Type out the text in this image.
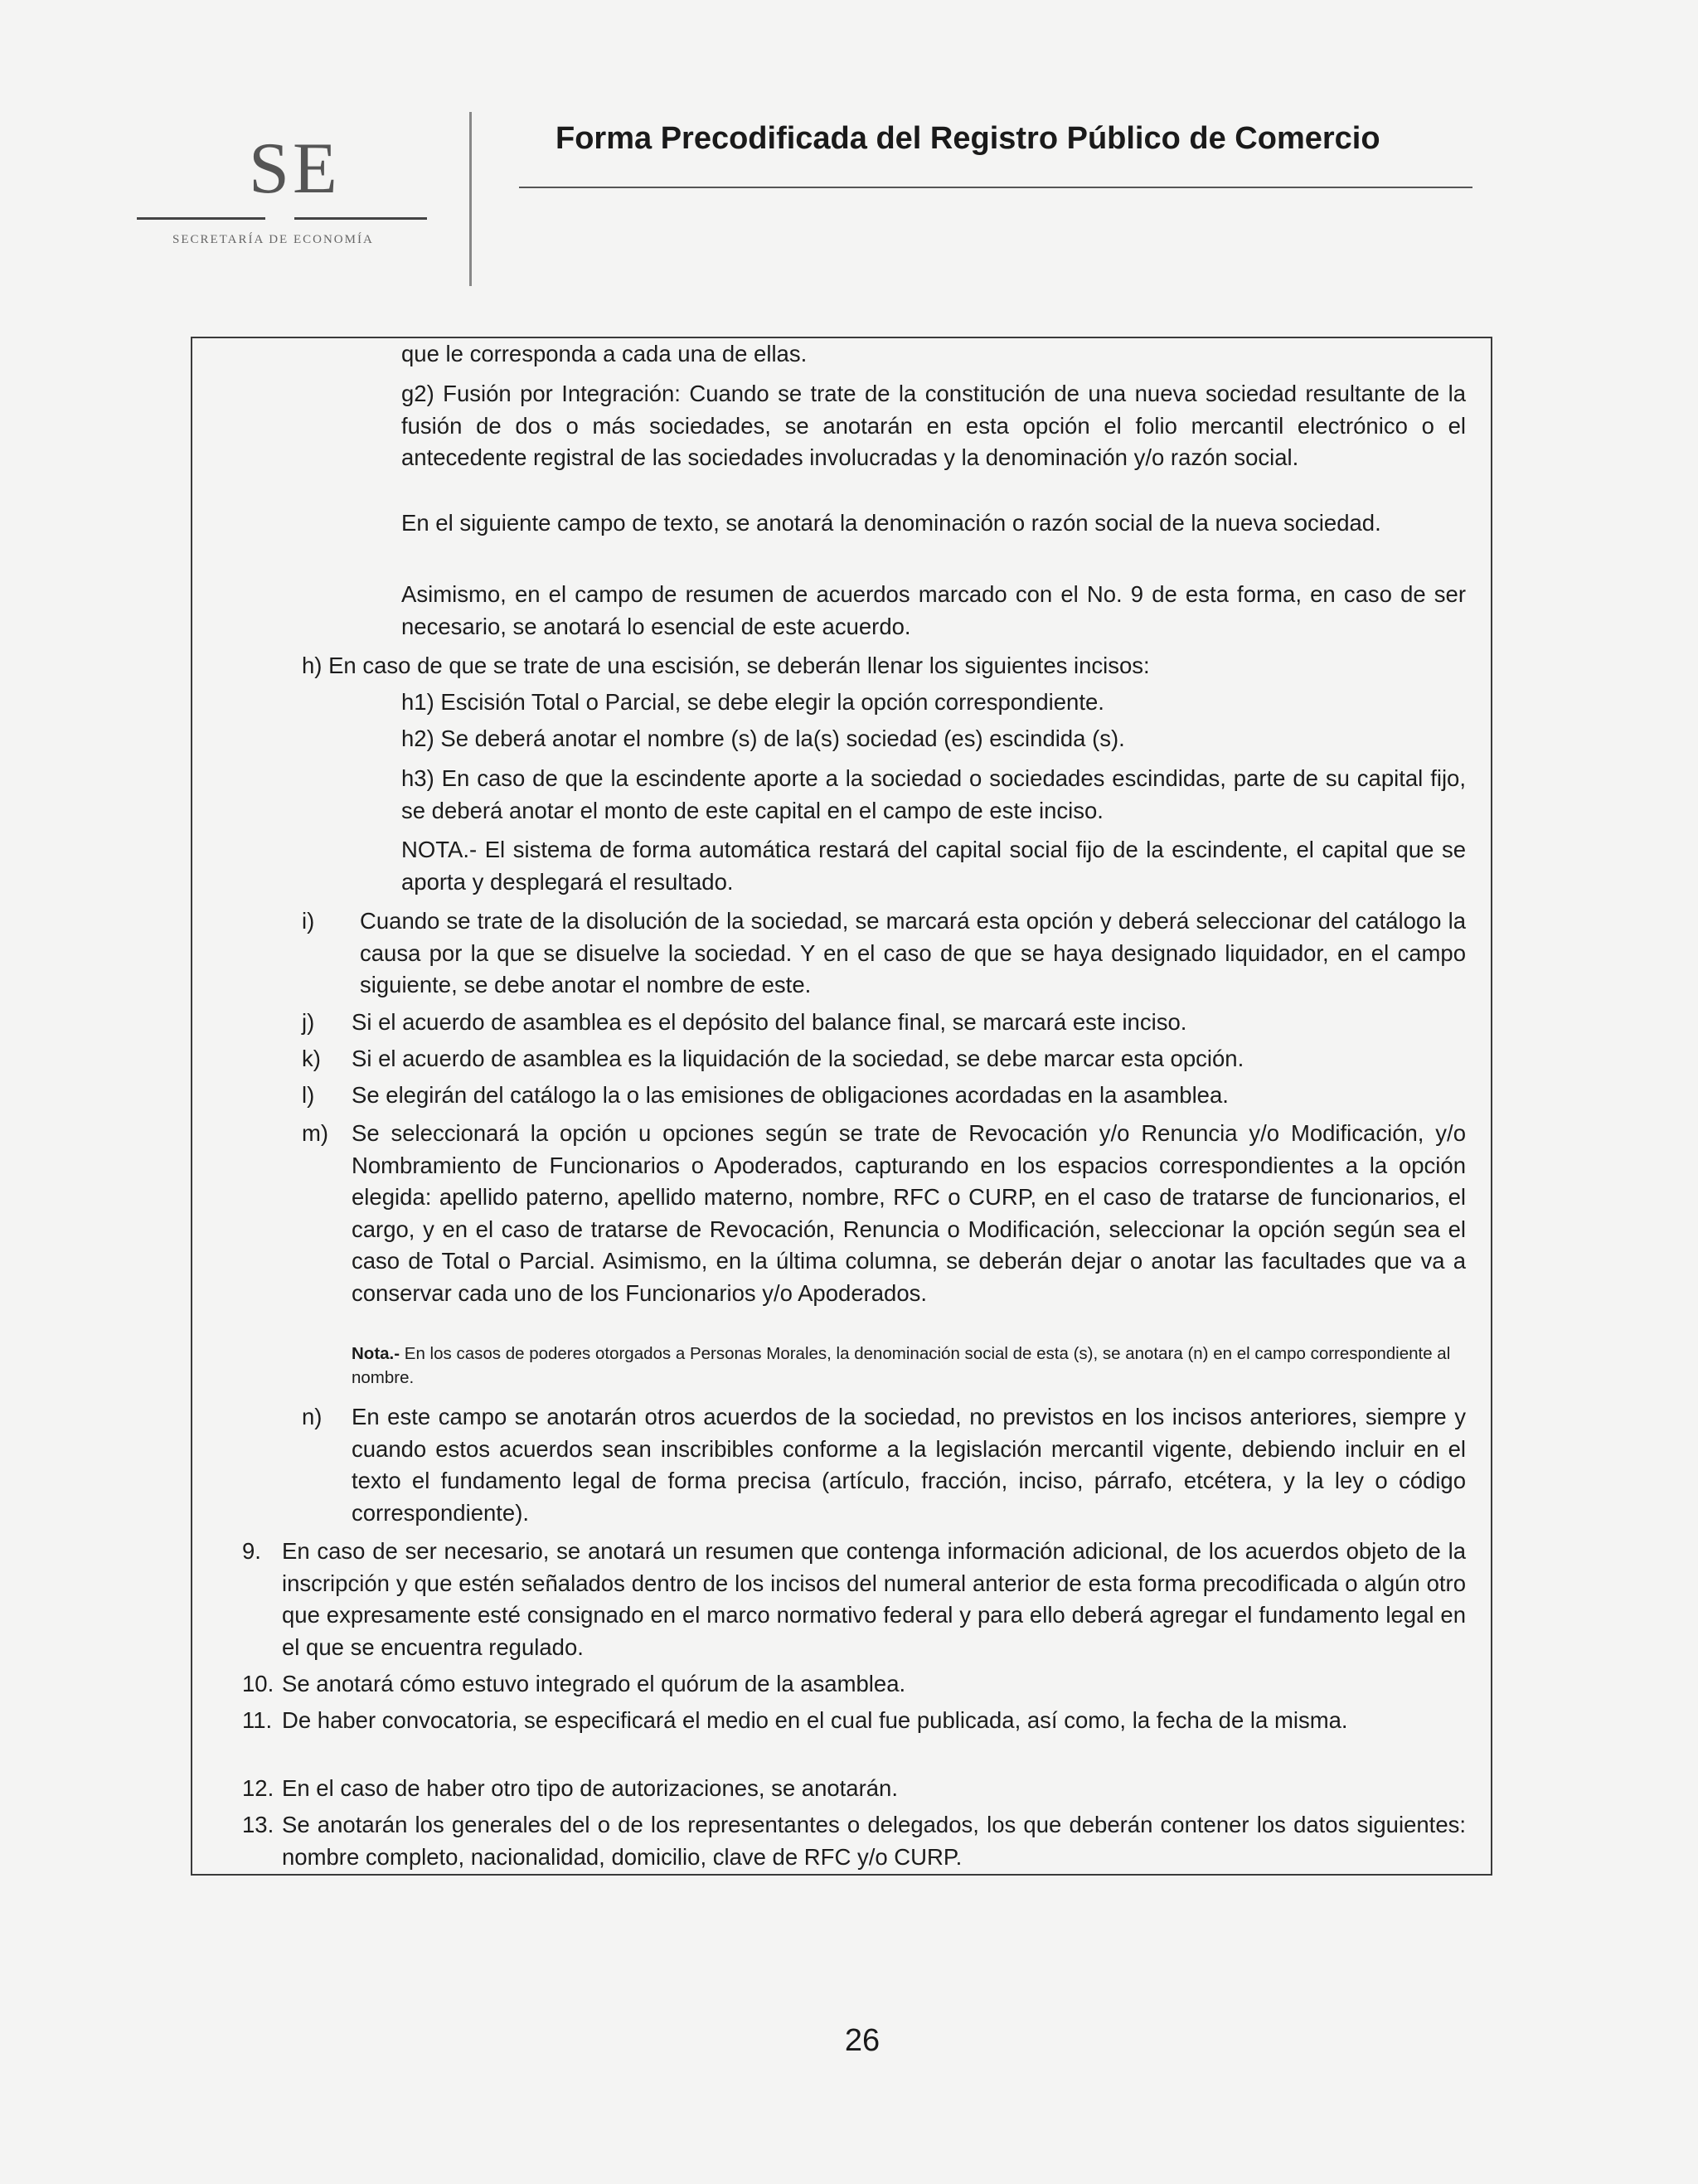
SE
SECRETARÍA DE ECONOMÍA
Forma Precodificada del Registro Público de Comercio

que le corresponda a cada una de ellas.

g2) Fusión por Integración: Cuando se trate de la constitución de una nueva sociedad resultante de la fusión de dos o más sociedades, se anotarán en esta opción el folio mercantil electrónico o el antecedente registral de las sociedades involucradas y la denominación y/o razón social.

En el siguiente campo de texto, se anotará la denominación o razón social de la nueva sociedad.

Asimismo, en el campo de resumen de acuerdos marcado con el No. 9 de esta forma, en caso de ser necesario, se anotará lo esencial de este acuerdo.

h) En caso de que se trate de una escisión, se deberán llenar los siguientes incisos:

h1) Escisión Total o Parcial, se debe elegir la opción correspondiente.

h2) Se deberá anotar el nombre (s) de la(s) sociedad (es) escindida (s).

h3) En caso de que la escindente aporte a la sociedad o sociedades escindidas, parte de su capital fijo, se deberá anotar el monto de este capital en el campo de este inciso.

NOTA.- El sistema de forma automática restará del capital social fijo de la escindente, el capital que se aporta y desplegará el resultado.

i) Cuando se trate de la disolución de la sociedad, se marcará esta opción y deberá seleccionar del catálogo la causa por la que se disuelve la sociedad. Y en el caso de que se haya designado liquidador, en el campo siguiente, se debe anotar el nombre de este.

j) Si el acuerdo de asamblea es el depósito del balance final, se marcará este inciso.

k) Si el acuerdo de asamblea es la liquidación de la sociedad, se debe marcar esta opción.

l) Se elegirán del catálogo la o las emisiones de obligaciones acordadas en la asamblea.

m) Se seleccionará la opción u opciones según se trate de Revocación y/o Renuncia y/o Modificación, y/o Nombramiento de Funcionarios o Apoderados, capturando en los espacios correspondientes a la opción elegida: apellido paterno, apellido materno, nombre, RFC o CURP, en el caso de tratarse de funcionarios, el cargo, y en el caso de tratarse de Revocación, Renuncia o Modificación, seleccionar la opción según sea el caso de Total o Parcial. Asimismo, en la última columna, se deberán dejar o anotar las facultades que va a conservar cada uno de los Funcionarios y/o Apoderados.

Nota.- En los casos de poderes otorgados a Personas Morales, la denominación social de esta (s), se anotara (n) en el campo correspondiente al nombre.

n) En este campo se anotarán otros acuerdos de la sociedad, no previstos en los incisos anteriores, siempre y cuando estos acuerdos sean inscribibles conforme a la legislación mercantil vigente, debiendo incluir en el texto el fundamento legal de forma precisa (artículo, fracción, inciso, párrafo, etcétera, y la ley o código correspondiente).

9. En caso de ser necesario, se anotará un resumen que contenga información adicional, de los acuerdos objeto de la inscripción y que estén señalados dentro de los incisos del numeral anterior de esta forma precodificada o algún otro que expresamente esté consignado en el marco normativo federal y para ello deberá agregar el fundamento legal en el que se encuentra regulado.

10. Se anotará cómo estuvo integrado el quórum de la asamblea.

11. De haber convocatoria, se especificará el medio en el cual fue publicada, así como, la fecha de la misma.

12. En el caso de haber otro tipo de autorizaciones, se anotarán.

13. Se anotarán los generales del o de los representantes o delegados, los que deberán contener los datos siguientes: nombre completo, nacionalidad, domicilio, clave de RFC y/o CURP.

26
